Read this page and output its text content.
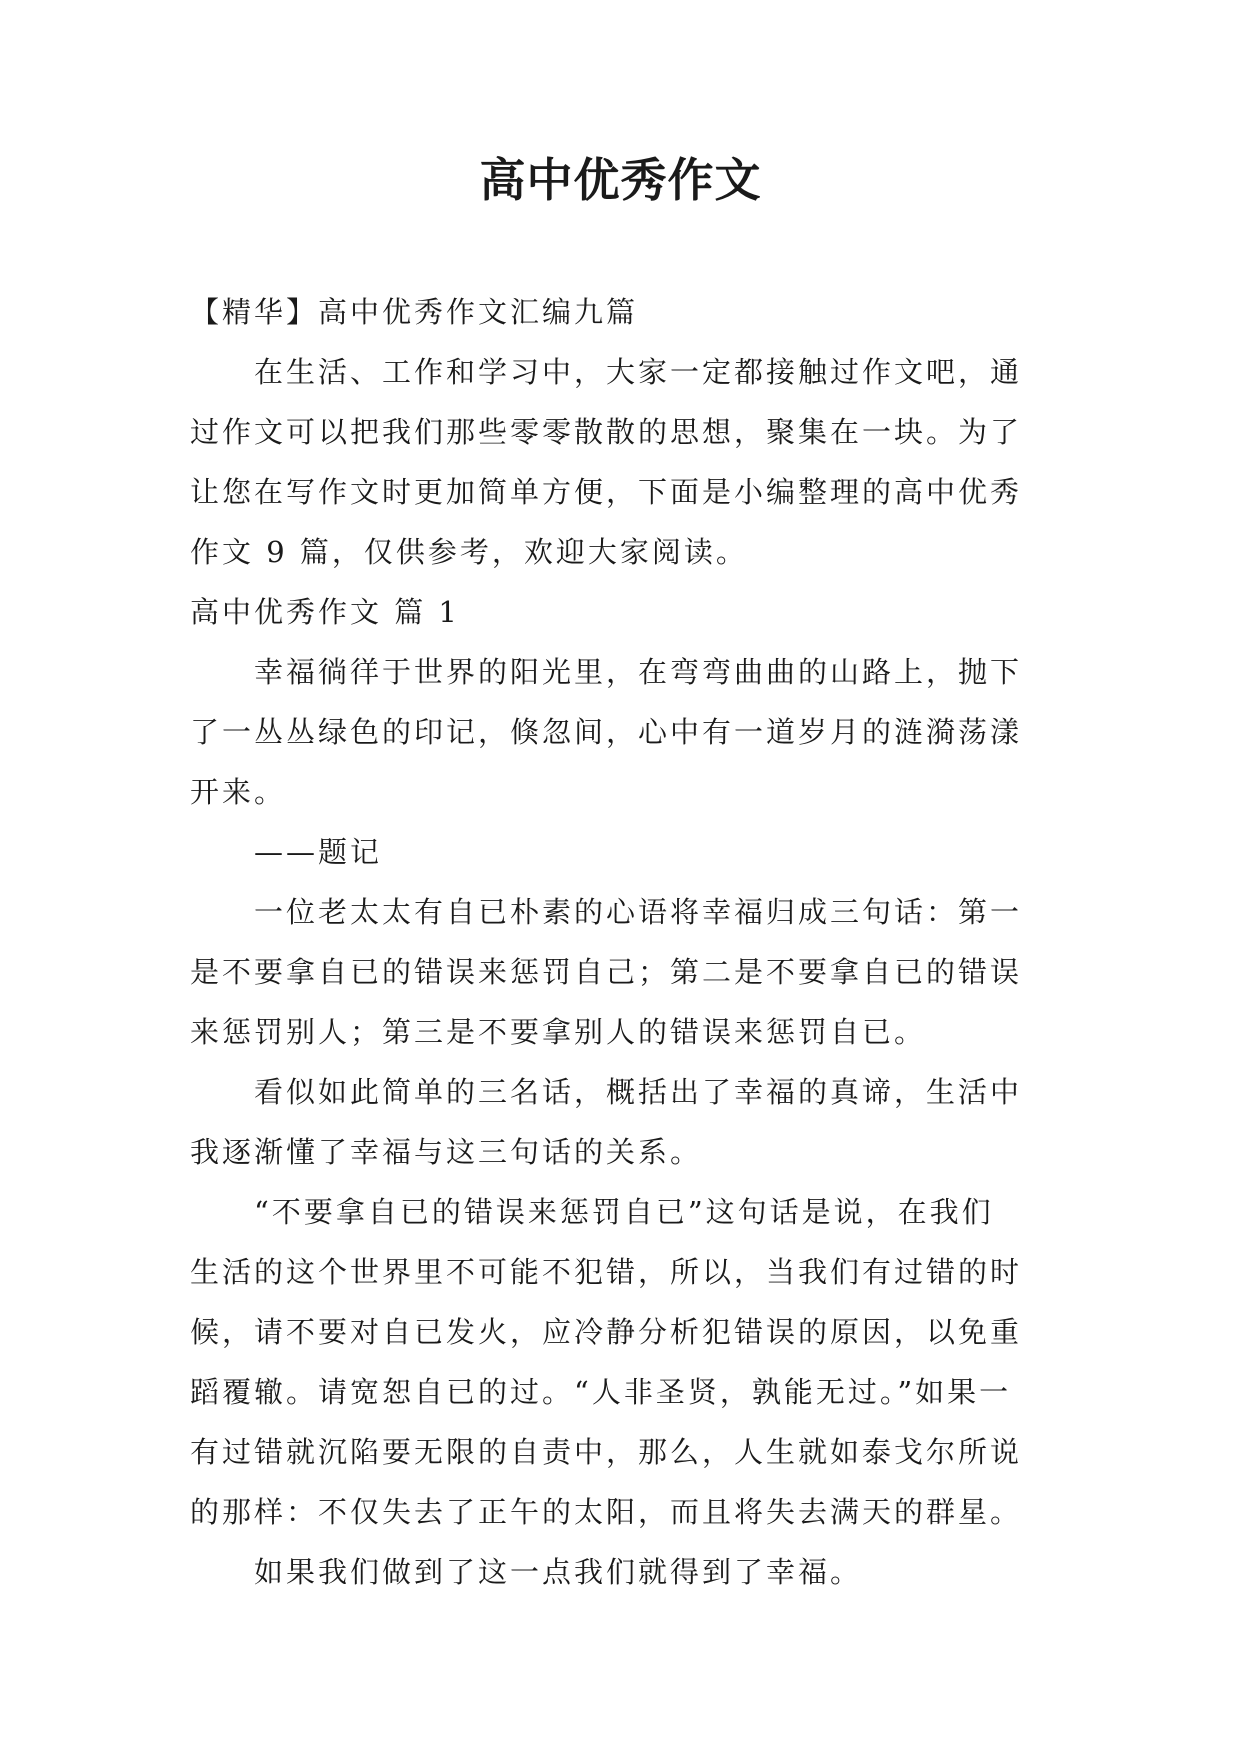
高中优秀作文
【精华】高中优秀作文汇编九篇
在生活、工作和学习中，大家一定都接触过作文吧，通
过作文可以把我们那些零零散散的思想，聚集在一块。为了
让您在写作文时更加简单方便，下面是小编整理的高中优秀
作文 9 篇，仅供参考，欢迎大家阅读。
高中优秀作文 篇 1
幸福徜徉于世界的阳光里，在弯弯曲曲的山路上，抛下
了一丛丛绿色的印记，倏忽间，心中有一道岁月的涟漪荡漾
开来。
——题记
一位老太太有自已朴素的心语将幸福归成三句话：第一
是不要拿自已的错误来惩罚自己；第二是不要拿自已的错误
来惩罚别人；第三是不要拿别人的错误来惩罚自已。
看似如此简单的三名话，概括出了幸福的真谛，生活中
我逐渐懂了幸福与这三句话的关系。
“不要拿自已的错误来惩罚自已”这句话是说，在我们
生活的这个世界里不可能不犯错，所以，当我们有过错的时
候，请不要对自已发火，应冷静分析犯错误的原因，以免重
蹈覆辙。请宽恕自已的过。“人非圣贤，孰能无过。”如果一
有过错就沉陷要无限的自责中，那么，人生就如泰戈尔所说
的那样：不仅失去了正午的太阳，而且将失去满天的群星。
如果我们做到了这一点我们就得到了幸福。
